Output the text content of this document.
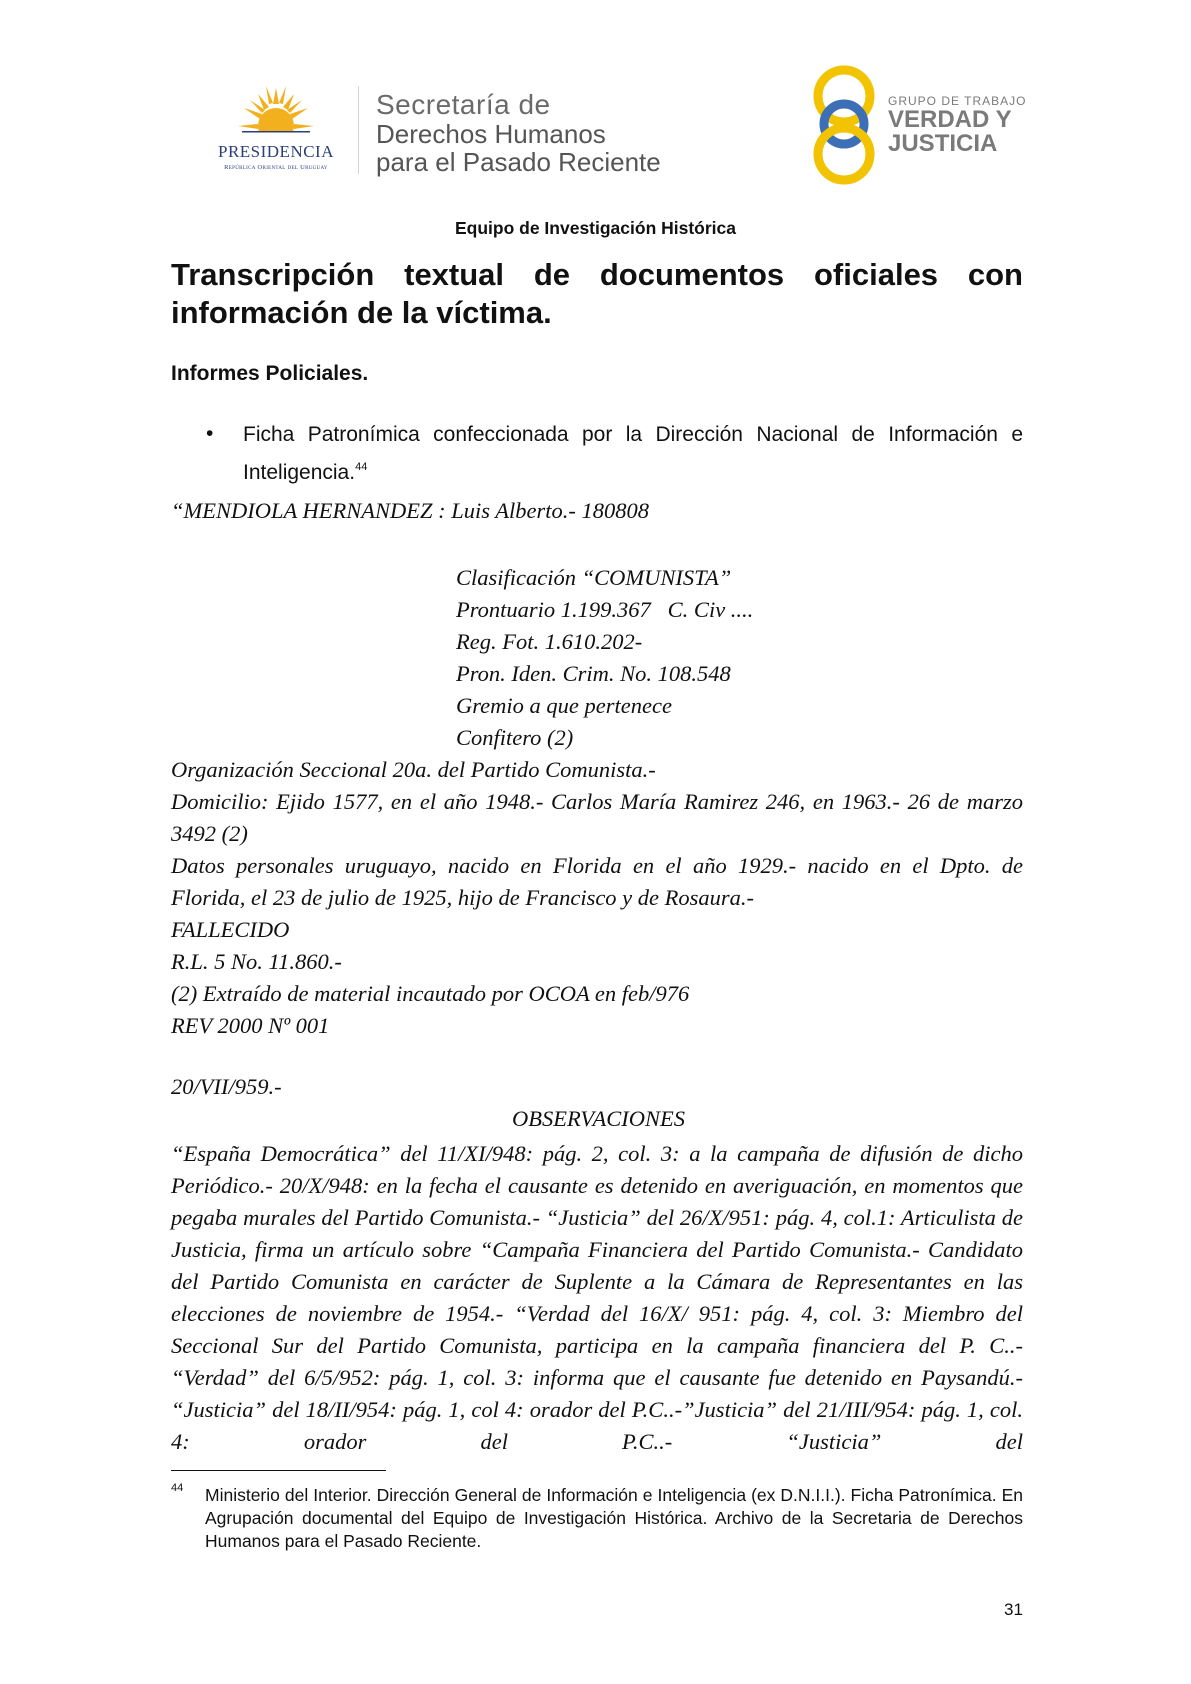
PRESIDENCIA
República Oriental del Uruguay
Secretaría de
Derechos Humanos
para el Pasado Reciente
GRUPO DE TRABAJO
VERDAD Y
JUSTICIA
Equipo de Investigación Histórica
Transcripción textual de documentos oficiales con información de la víctima.
Informes Policiales.
• Ficha Patronímica confeccionada por la Dirección Nacional de Información e Inteligencia.$^{44}$
“MENDIOLA HERNANDEZ : Luis Alberto.- 180808
Clasificación “COMUNISTA”
Prontuario 1.199.367   C. Civ ....
Reg. Fot. 1.610.202-
Pron. Iden. Crim. No. 108.548
Gremio a que pertenece
Confitero (2)
Organización Seccional 20a. del Partido Comunista.-
Domicilio: Ejido 1577, en el año 1948.- Carlos María Ramirez 246, en 1963.- 26 de marzo 3492 (2)
Datos personales uruguayo, nacido en Florida en el año 1929.- nacido en el Dpto. de Florida, el 23 de julio de 1925, hijo de Francisco y de Rosaura.-
FALLECIDO
R.L. 5 No. 11.860.-
(2) Extraído de material incautado por OCOA en feb/976
REV 2000 Nº 001
20/VII/959.-
OBSERVACIONES
“España Democrática” del 11/XI/948: pág. 2, col. 3: a la campaña de difusión de dicho Periódico.- 20/X/948: en la fecha el causante es detenido en averiguación, en momentos que pegaba murales del Partido Comunista.- “Justicia” del 26/X/951: pág. 4, col.1: Articulista de Justicia, firma un artículo sobre “Campaña Financiera del Partido Comunista.- Candidato del Partido Comunista en carácter de Suplente a la Cámara de Representantes en las elecciones de noviembre de 1954.- “Verdad del 16/X/ 951: pág. 4, col. 3: Miembro del Seccional Sur del Partido Comunista, participa en la campaña financiera del P. C..- “Verdad” del 6/5/952: pág. 1, col. 3: informa que el causante fue detenido en Paysandú.- “Justicia” del 18/II/954: pág. 1, col 4: orador del P.C..-”Justicia” del 21/III/954: pág. 1, col. 4: orador del P.C..- “Justicia” del
44 Ministerio del Interior. Dirección General de Información e Inteligencia (ex D.N.I.I.). Ficha Patronímica. En Agrupación documental del Equipo de Investigación Histórica. Archivo de la Secretaria de Derechos Humanos para el Pasado Reciente.
31
